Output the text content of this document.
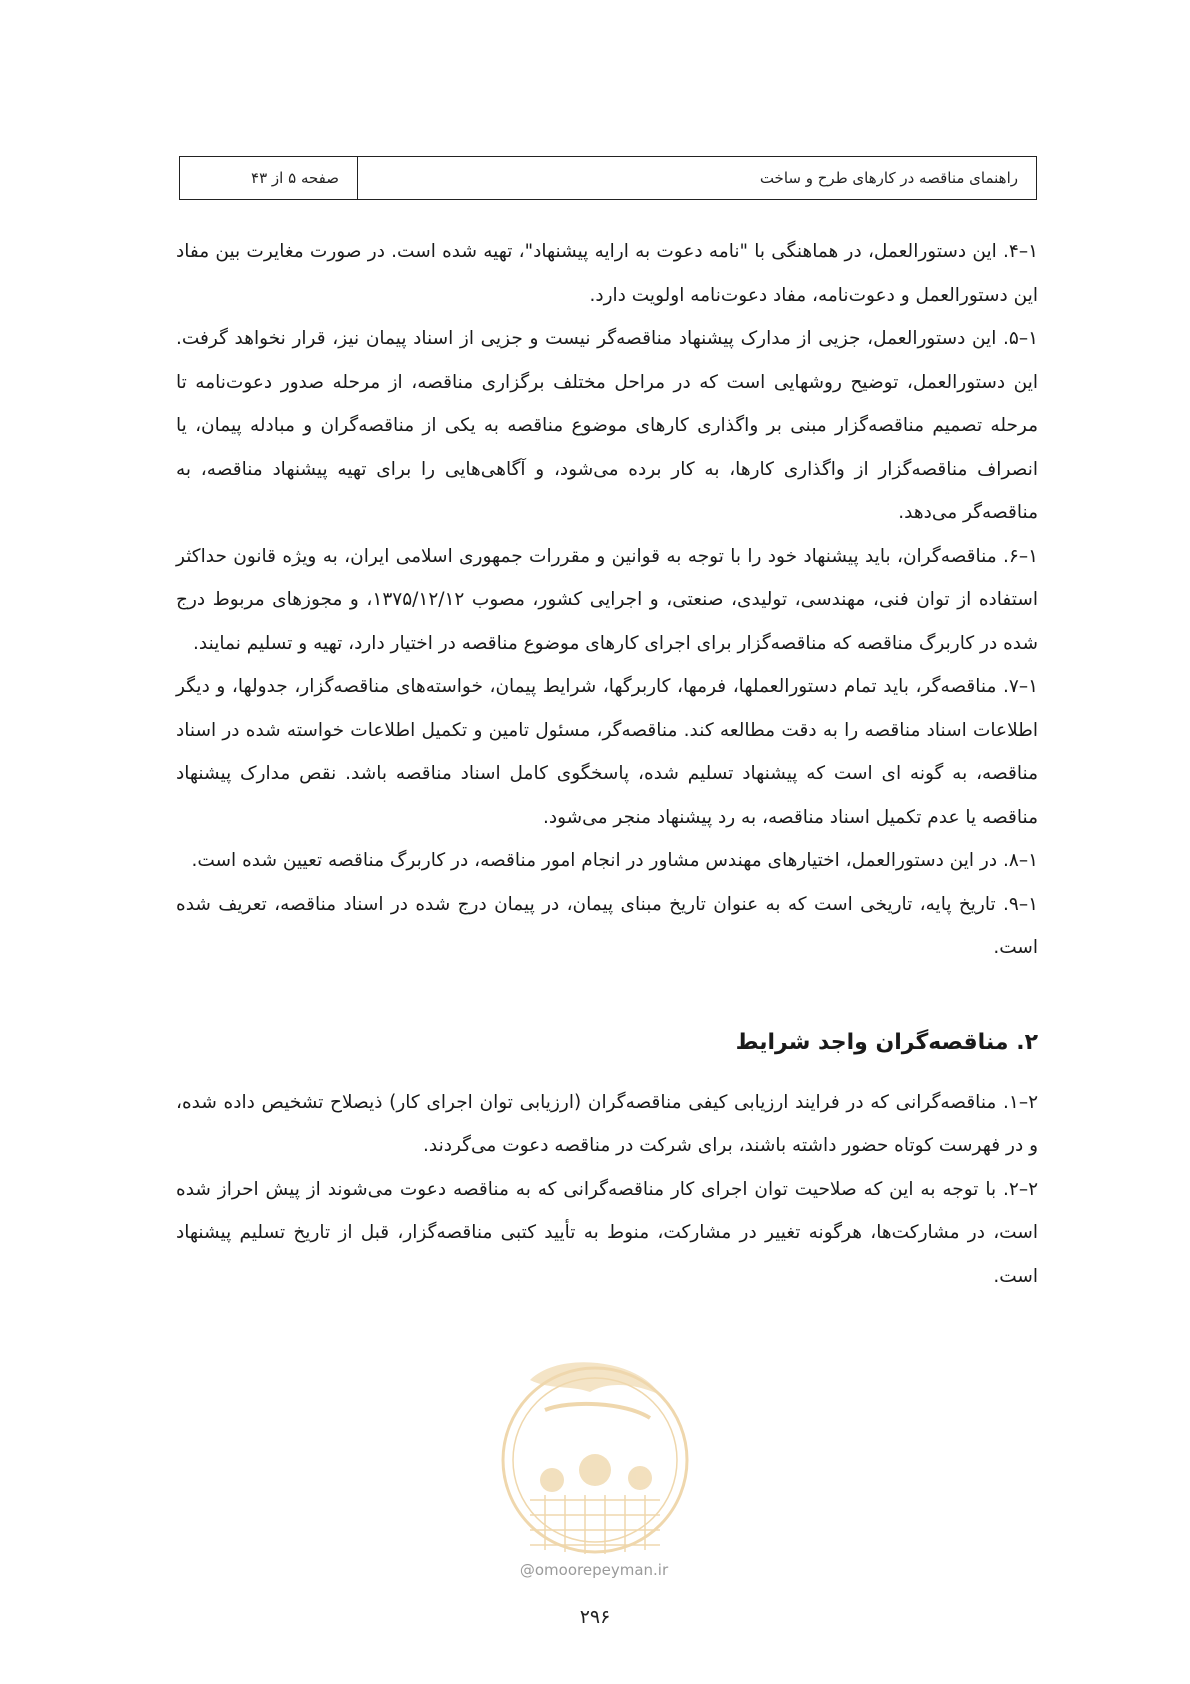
صفحه ۵ از ۴۳	راهنمای مناقصه در کارهای طرح و ساخت

۱–۴. این دستورالعمل، در هماهنگی با "نامه دعوت به ارایه پیشنهاد"، تهیه شده است. در صورت مغایرت بین مفاد این دستورالعمل و دعوت‌نامه، مفاد دعوت‌نامه اولویت دارد.

۱–۵. این دستورالعمل، جزیی از مدارک پیشنهاد مناقصه‌گر نیست و جزیی از اسناد پیمان نیز، قرار نخواهد گرفت. این دستورالعمل، توضیح روشهایی است که در مراحل مختلف برگزاری مناقصه، از مرحله صدور دعوت‌نامه تا مرحله تصمیم مناقصه‌گزار مبنی بر واگذاری کارهای موضوع مناقصه به یکی از مناقصه‌گران و مبادله پیمان، یا انصراف مناقصه‌گزار از واگذاری کارها، به کار برده می‌شود، و آگاهی‌هایی را برای تهیه پیشنهاد مناقصه، به مناقصه‌گر می‌دهد.

۱–۶. مناقصه‌گران، باید پیشنهاد خود را با توجه به قوانین و مقررات جمهوری اسلامی ایران، به ویژه قانون حداکثر استفاده از توان فنی، مهندسی، تولیدی، صنعتی، و اجرایی کشور، مصوب ۱۳۷۵/۱۲/۱۲، و مجوزهای مربوط درج شده در کاربرگ مناقصه که مناقصه‌گزار برای اجرای کارهای موضوع مناقصه در اختیار دارد، تهیه و تسلیم نمایند.

۱–۷. مناقصه‌گر، باید تمام دستورالعملها، فرمها، کاربرگها، شرایط پیمان، خواسته‌های مناقصه‌گزار، جدولها، و دیگر اطلاعات اسناد مناقصه را به دقت مطالعه کند. مناقصه‌گر، مسئول تامین و تکمیل اطلاعات خواسته شده در اسناد مناقصه، به گونه ای است که پیشنهاد تسلیم شده، پاسخگوی کامل اسناد مناقصه باشد. نقص مدارک پیشنهاد مناقصه یا عدم تکمیل اسناد مناقصه، به رد پیشنهاد منجر می‌شود.

۱–۸. در این دستورالعمل، اختیارهای مهندس مشاور در انجام امور مناقصه، در کاربرگ مناقصه تعیین شده است.

۱–۹. تاریخ پایه، تاریخی است که به عنوان تاریخ مبنای پیمان، در پیمان درج شده در اسناد مناقصه، تعریف شده است.

۲. مناقصه‌گران واجد شرایط

۲–۱. مناقصه‌گرانی که در فرایند ارزیابی کیفی مناقصه‌گران (ارزیابی توان اجرای کار) ذیصلاح تشخیص داده شده، و در فهرست کوتاه حضور داشته باشند، برای شرکت در مناقصه دعوت می‌گردند.

۲–۲. با توجه به این که صلاحیت توان اجرای کار مناقصه‌گرانی که به مناقصه دعوت می‌شوند از پیش احراز شده است، در مشارکت‌ها، هرگونه تغییر در مشارکت، منوط به تأیید کتبی مناقصه‌گزار، قبل از تاریخ تسلیم پیشنهاد است.

@omoorepeyman.ir
۲۹۶
